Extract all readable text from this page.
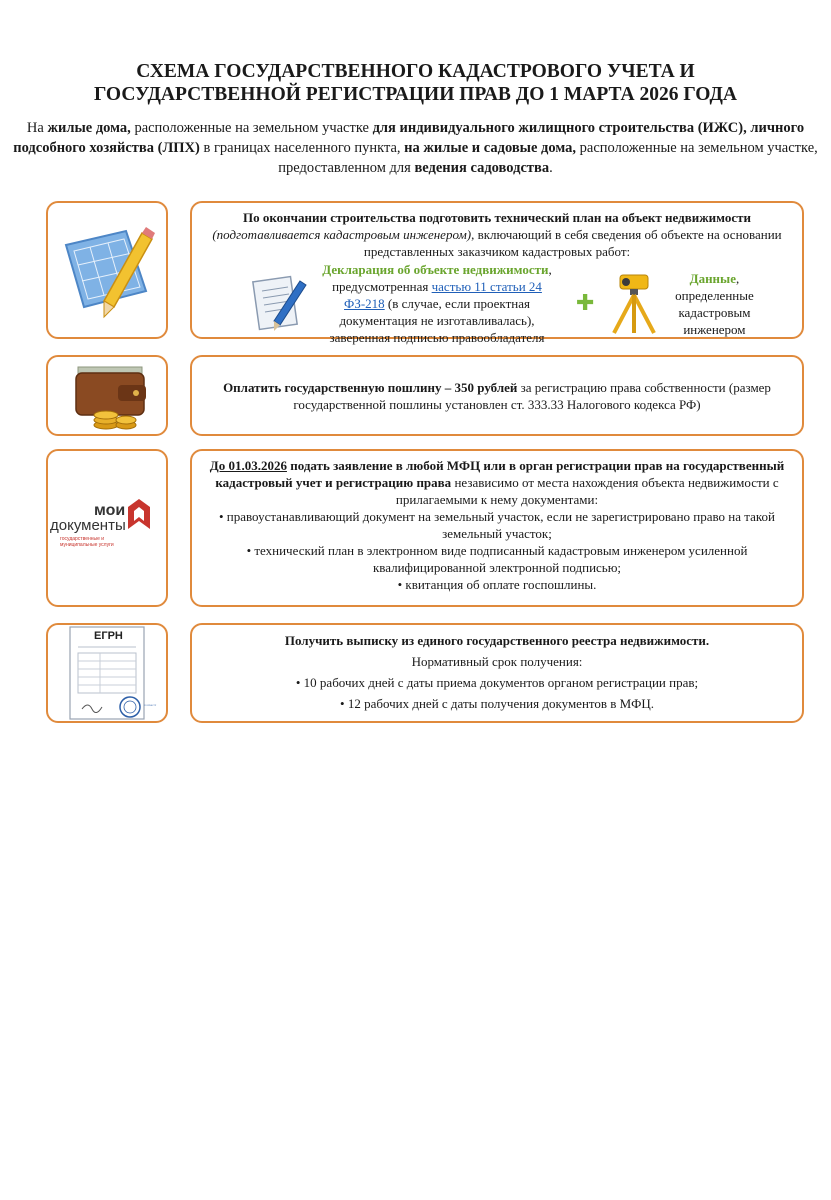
СХЕМА ГОСУДАРСТВЕННОГО КАДАСТРОВОГО УЧЕТА И
ГОСУДАРСТВЕННОЙ РЕГИСТРАЦИИ ПРАВ ДО 1 МАРТА 2026 ГОДА
На жилые дома, расположенные на земельном участке для индивидуального жилищного строительства (ИЖС), личного подсобного хозяйства (ЛПХ) в границах населенного пункта, на жилые и садовые дома, расположенные на земельном участке, предоставленном для ведения садоводства.
По окончании строительства подготовить технический план на объект недвижимости (подготавливается кадастровым инженером), включающий в себя сведения об объекте на основании представленных заказчиком кадастровых работ:
Декларация об объекте недвижимости, предусмотренная частью 11 статьи 24 ФЗ-218 (в случае, если проектная документация не изготавливалась), заверенная подписью правообладателя
✚
Данные, определенные кадастровым инженером
Оплатить государственную пошлину – 350 рублей за регистрацию права собственности (размер государственной пошлины установлен ст. 333.33 Налогового кодекса РФ)
мои
документы
государственные и муниципальные услуги
До 01.03.2026 подать заявление в любой МФЦ или в орган регистрации прав на государственный кадастровый учет и регистрацию права независимо от места нахождения объекта недвижимости с прилагаемыми к нему документами:
• правоустанавливающий документ на земельный участок, если не зарегистрировано право на такой земельный участок;
• технический план в электронном виде подписанный кадастровым инженером усиленной квалифицированной электронной подписью;
• квитанция об оплате госпошлины.
ЕГРН
РОСРЕЕСТР
Получить выписку из единого государственного реестра недвижимости.
Нормативный срок получения:
• 10 рабочих дней с даты приема документов органом регистрации прав;
• 12 рабочих дней с даты получения документов в МФЦ.
